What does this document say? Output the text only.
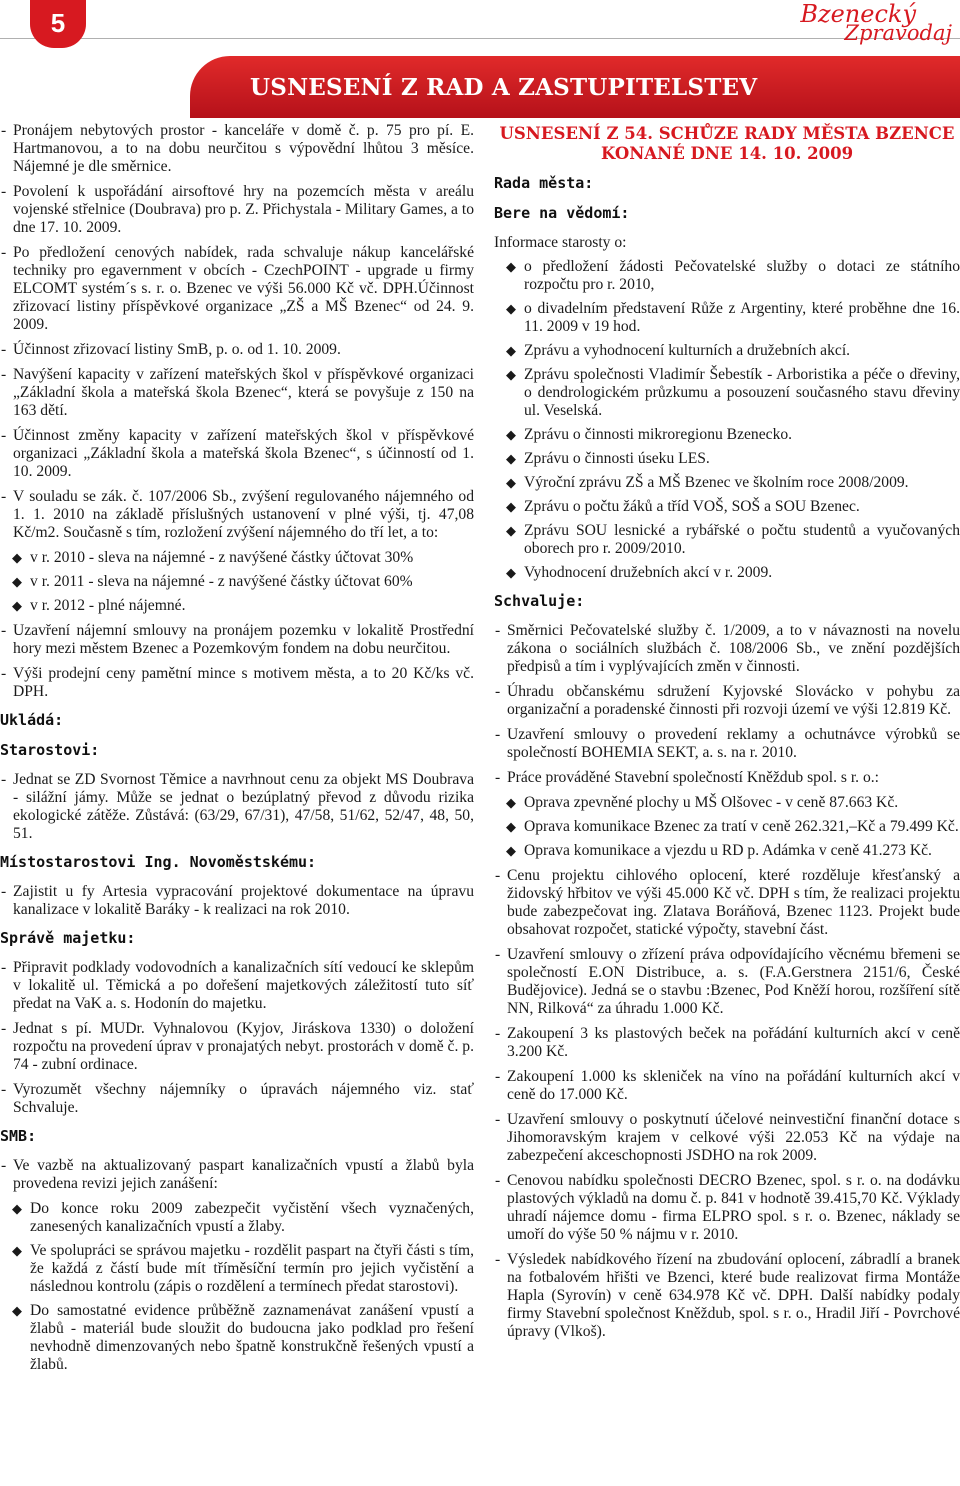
5	Bzenecký
Zpravodaj
USNESENÍ Z RAD A ZASTUPITELSTEV
- Pronájem nebytových prostor - kanceláře v domě č. p. 75 pro pí. E. Hartmanovou, a to na dobu neurčitou s výpovědní lhůtou 3 měsíce. Nájemné je dle směrnice.
- Povolení k uspořádání airsoftové hry na pozemcích města v areálu vojenské střelnice (Doubrava) pro p. Z. Přichystala - Military Games, a to dne 17. 10. 2009.
- Po předložení cenových nabídek, rada schvaluje nákup kancelářské techniky pro egavernment v obcích - CzechPOINT - upgrade u firmy ELCOMT systém´s s. r. o. Bzenec ve výši 56.000 Kč vč. DPH.Účinnost zřizovací listiny příspěvkové organizace „ZŠ a MŠ Bzenec“ od 24. 9. 2009.
- Účinnost zřizovací listiny SmB, p. o. od 1. 10. 2009.
- Navýšení kapacity v zařízení mateřských škol v příspěvkové organizaci „Základní škola a mateřská škola Bzenec“, která se povyšuje z 150 na 163 dětí.
- Účinnost změny kapacity v zařízení mateřských škol v příspěvkové organizaci „Základní škola a mateřská škola Bzenec“, s účinností od 1. 10. 2009.
- V souladu se zák. č. 107/2006 Sb., zvýšení regulovaného nájemného od 1. 1. 2010 na základě příslušných ustanovení v plné výši, tj. 47,08 Kč/m2. Současně s tím, rozložení zvýšení nájemného do tří let, a to:
◆ v r. 2010 - sleva na nájemné - z navýšené částky účtovat 30%
◆ v r. 2011 - sleva na nájemné - z navýšené částky účtovat 60%
◆ v r. 2012 - plné nájemné.
- Uzavření nájemní smlouvy na pronájem pozemku v lokalitě Prostřední hory mezi městem Bzenec a Pozemkovým fondem na dobu neurčitou.
- Výši prodejní ceny pamětní mince s motivem města, a to 20 Kč/ks vč. DPH.
Ukládá:
Starostovi:
- Jednat se ZD Svornost Těmice a navrhnout cenu za objekt MS Doubrava - silážní jámy. Může se jednat o bezúplatný převod z důvodu rizika ekologické zátěže. Zůstává: (63/29, 67/31), 47/58, 51/62, 52/47, 48, 50, 51.
Místostarostovi Ing. Novoměstskému:
- Zajistit u fy Artesia vypracování projektové dokumentace na úpravu kanalizace v lokalitě Baráky - k realizaci na rok 2010.
Správě majetku:
- Připravit podklady vodovodních a kanalizačních sítí vedoucí ke sklepům v lokalitě ul. Těmická a po dořešení majetkových záležitostí tuto síť předat na VaK a. s. Hodonín do majetku.
- Jednat s pí. MUDr. Vyhnalovou (Kyjov, Jiráskova 1330) o doložení rozpočtu na provedení úprav v pronajatých nebyt. prostorách v domě č. p. 74 - zubní ordinace.
- Vyrozumět všechny nájemníky o úpravách nájemného viz. stať Schvaluje.
SMB:
- Ve vazbě na aktualizovaný paspart kanalizačních vpustí a žlabů byla provedena revizi jejich zanášení:
◆ Do konce roku 2009 zabezpečit vyčistění všech vyznačených, zanesených kanalizačních vpustí a žlaby.
◆ Ve spolupráci se správou majetku - rozdělit paspart na čtyři části s tím, že každá z částí bude mít tříměsíční termín pro jejich vyčistění a následnou kontrolu (zápis o rozdělení a termínech předat starostovi).
◆ Do samostatné evidence průběžně zaznamenávat zanášení vpustí a žlabů - materiál bude sloužit do budoucna jako podklad pro řešení nevhodně dimenzovaných nebo špatně konstrukčně řešených vpustí a žlabů.
USNESENÍ Z 54. SCHŮZE RADY MĚSTA BZENCE KONANÉ DNE 14. 10. 2009
Rada města:
Bere na vědomí:
Informace starosty o:
◆ o předložení žádosti Pečovatelské služby o dotaci ze státního rozpočtu pro r. 2010,
◆ o divadelním představení Růže z Argentiny, které proběhne dne 16. 11. 2009 v 19 hod.
◆ Zprávu a vyhodnocení kulturních a družebních akcí.
◆ Zprávu společnosti Vladimír Šebestík - Arboristika a péče o dřeviny, o dendrologickém průzkumu a posouzení současného stavu dřeviny ul. Veselská.
◆ Zprávu o činnosti mikroregionu Bzenecko.
◆ Zprávu o činnosti úseku LES.
◆ Výroční zprávu ZŠ a MŠ Bzenec ve školním roce 2008/2009.
◆ Zprávu o počtu žáků a tříd VOŠ, SOŠ a SOU Bzenec.
◆ Zprávu SOU lesnické a rybářské o počtu studentů a vyučovaných oborech pro r. 2009/2010.
◆ Vyhodnocení družebních akcí v r. 2009.
Schvaluje:
- Směrnici Pečovatelské služby č. 1/2009, a to v návaznosti na novelu zákona o sociálních službách č. 108/2006 Sb., ve znění pozdějších předpisů a tím i vyplývajících změn v činnosti.
- Úhradu občanskému sdružení Kyjovské Slovácko v pohybu za organizační a poradenské činnosti při rozvoji území ve výši 12.819 Kč.
- Uzavření smlouvy o provedení reklamy a ochutnávce výrobků se společností BOHEMIA SEKT, a. s. na r. 2010.
- Práce prováděné Stavební společností Kněždub spol. s r. o.:
◆ Oprava zpevněné plochy u MŠ Olšovec - v ceně 87.663 Kč.
◆ Oprava komunikace Bzenec za tratí v ceně 262.321,–Kč a 79.499 Kč.
◆ Oprava komunikace a vjezdu u RD p. Adámka v ceně 41.273 Kč.
- Cenu projektu cihlového oplocení, které rozděluje křesťanský a židovský hřbitov ve výši 45.000 Kč vč. DPH s tím, že realizaci projektu bude zabezpečovat ing. Zlatava Boráňová, Bzenec 1123. Projekt bude obsahovat rozpočet, statické výpočty, stavební část.
- Uzavření smlouvy o zřízení práva odpovídajícího věcnému břemeni se společností E.ON Distribuce, a. s. (F.A.Gerstnera 2151/6, České Budějovice). Jedná se o stavbu :Bzenec, Pod Kněží horou, rozšíření sítě NN, Rilková“ za úhradu 1.000 Kč.
- Zakoupení 3 ks plastových beček na pořádání kulturních akcí v ceně 3.200 Kč.
- Zakoupení 1.000 ks skleniček na víno na pořádání kulturních akcí v ceně do 17.000 Kč.
- Uzavření smlouvy o poskytnutí účelové neinvestiční finanční dotace s Jihomoravským krajem v celkové výši 22.053 Kč na výdaje na zabezpečení akceschopnosti JSDHO na rok 2009.
- Cenovou nabídku společnosti DECRO Bzenec, spol. s r. o. na dodávku plastových výkladů na domu č. p. 841 v hodnotě 39.415,70 Kč. Výklady uhradí nájemce domu - firma ELPRO spol. s r. o. Bzenec, náklady se umoří do výše 50 % nájmu v r. 2010.
- Výsledek nabídkového řízení na zbudování oplocení, zábradlí a branek na fotbalovém hřišti ve Bzenci, které bude realizovat firma Montáže Hapla (Syrovín) v ceně 634.978 Kč vč. DPH. Další nabídky podaly firmy Stavební společnost Kněždub, spol. s r. o., Hradil Jiří - Povrchové úpravy (Vlkoš).
